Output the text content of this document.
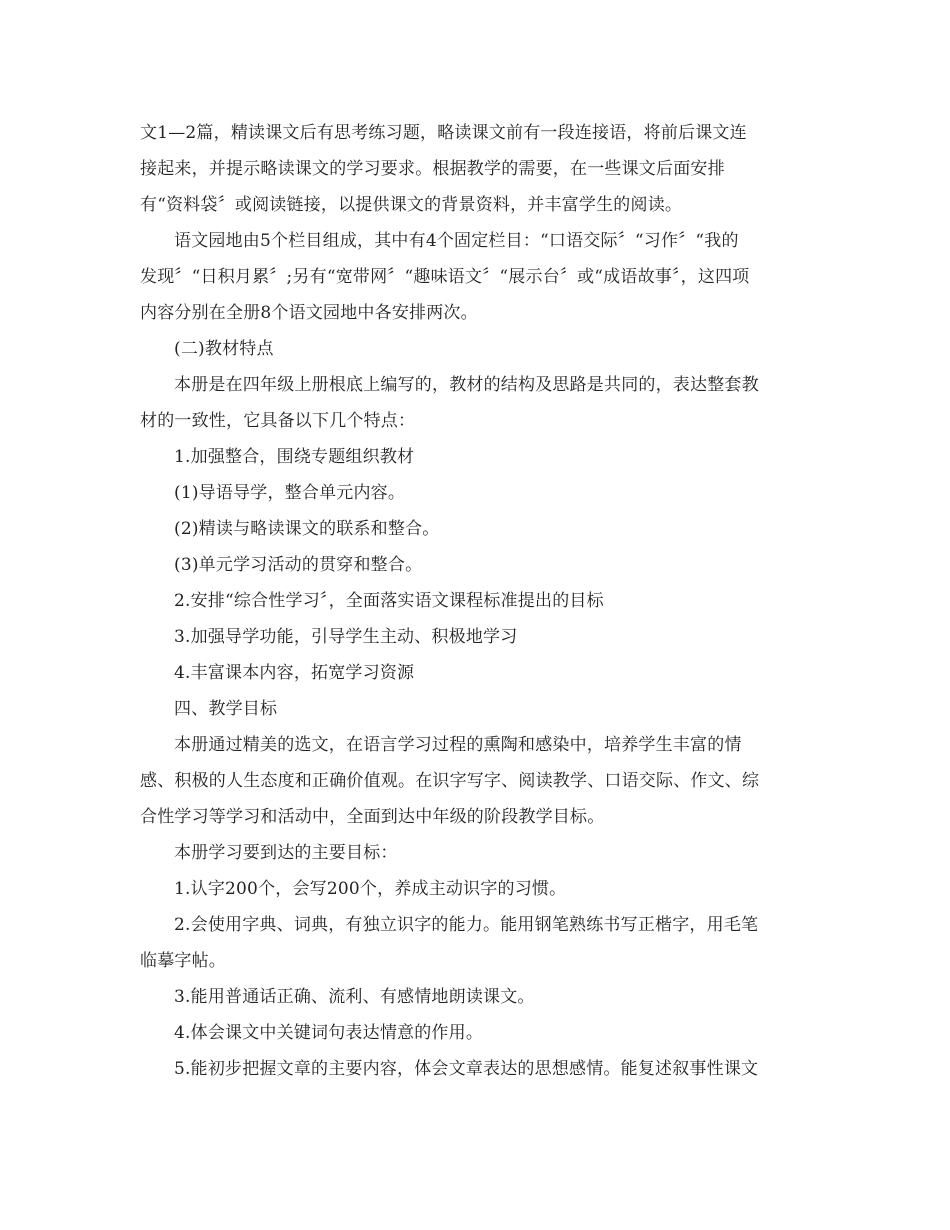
文1—2篇，精读课文后有思考练习题，略读课文前有一段连接语，将前后课文连
接起来，并提示略读课文的学习要求。根据教学的需要，在一些课文后面安排
有“资料袋〞或阅读链接，以提供课文的背景资料，并丰富学生的阅读。
语文园地由5个栏目组成，其中有4个固定栏目：“口语交际〞“习作〞“我的
发现〞“日积月累〞;另有“宽带网〞“趣味语文〞“展示台〞或“成语故事〞，这四项
内容分别在全册8个语文园地中各安排两次。
(二)教材特点
本册是在四年级上册根底上编写的，教材的结构及思路是共同的，表达整套教
材的一致性，它具备以下几个特点：
1.加强整合，围绕专题组织教材
(1)导语导学，整合单元内容。
(2)精读与略读课文的联系和整合。
(3)单元学习活动的贯穿和整合。
2.安排“综合性学习〞，全面落实语文课程标准提出的目标
3.加强导学功能，引导学生主动、积极地学习
4.丰富课本内容，拓宽学习资源
四、教学目标
本册通过精美的选文，在语言学习过程的熏陶和感染中，培养学生丰富的情
感、积极的人生态度和正确价值观。在识字写字、阅读教学、口语交际、作文、综
合性学习等学习和活动中，全面到达中年级的阶段教学目标。
本册学习要到达的主要目标：
1.认字200个，会写200个，养成主动识字的习惯。
2.会使用字典、词典，有独立识字的能力。能用钢笔熟练书写正楷字，用毛笔
临摹字帖。
3.能用普通话正确、流利、有感情地朗读课文。
4.体会课文中关键词句表达情意的作用。
5.能初步把握文章的主要内容，体会文章表达的思想感情。能复述叙事性课文
